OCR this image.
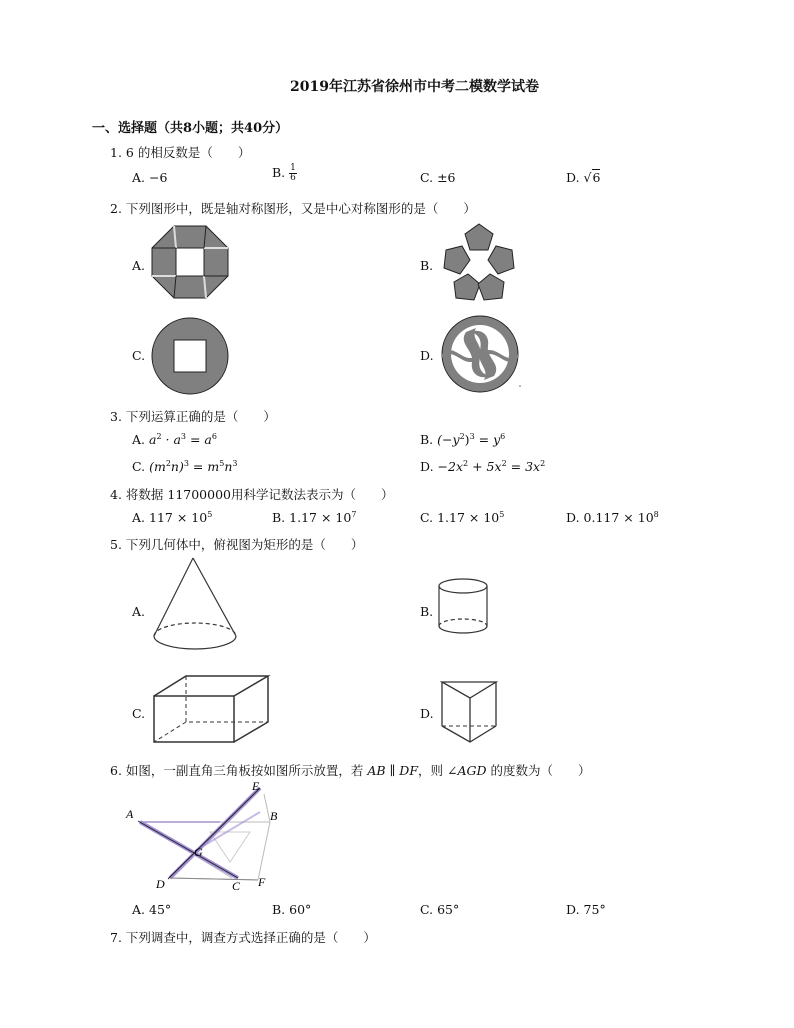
2019年江苏省徐州市中考二模数学试卷
一、选择题（共8小题；共40分）
1. 6 的相反数是（　　）
A. −6	B. $\frac{1}{6}$	C. ±6	D. √6
2. 下列图形中，既是轴对称图形，又是中心对称图形的是（　　）
A.	B.
C.	D.
3. 下列运算正确的是（　　）
A. $a^2 \cdot a^3 = a^6$	B. $(-y^2)^3 = y^6$
C. $(m^2n)^3 = m^5n^3$	D. $-2x^2 + 5x^2 = 3x^2$
4. 将数据 11700000用科学记数法表示为（　　）
A. $117 \times 10^5$	B. $1.17 \times 10^7$	C. $1.17 \times 10^5$	D. $0.117 \times 10^8$
5. 下列几何体中，俯视图为矩形的是（　　）
A.	B.
C.	D.
6. 如图，一副直角三角板按如图所示放置，若 AB ∥ DF，则 ∠AGD 的度数为（　　）
A	B
C
D
E
F
G
A. 45°	B. 60°	C. 65°	D. 75°
7. 下列调查中，调查方式选择正确的是（　　）
